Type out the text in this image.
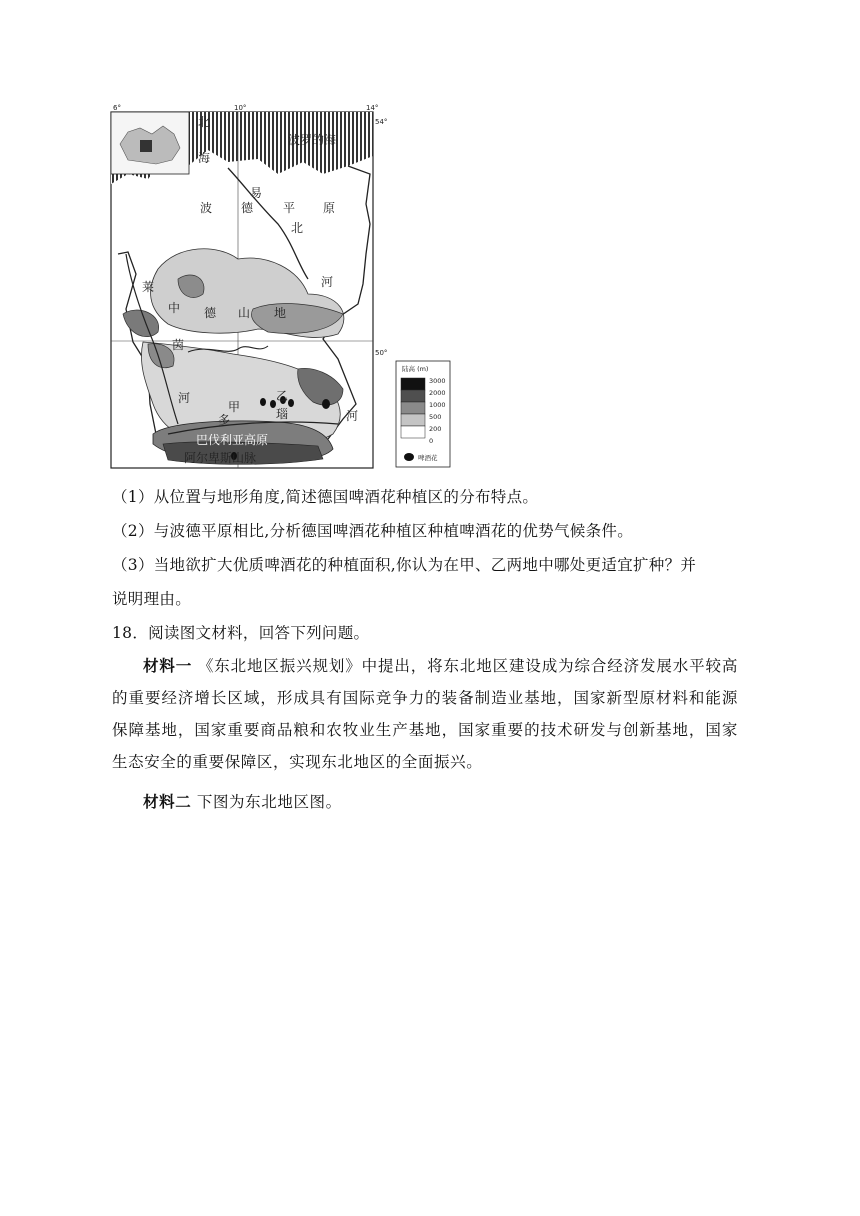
北
海
波罗的海
波 德 平 原
易
北
河
莱
茵
河
中 德 山 地
甲
乙
多	瑙	河
巴伐利亚高原
阿尔卑斯山脉
6°	10°	14°
54°
50°
陆高 (m)
3000
2000
1000
500
200
0
啤酒花
（1）从位置与地形角度,简述德国啤酒花种植区的分布特点。
（2）与波德平原相比,分析德国啤酒花种植区种植啤酒花的优势气候条件。
（3）当地欲扩大优质啤酒花的种植面积,你认为在甲、乙两地中哪处更适宜扩种？并
说明理由。
18．阅读图文材料，回答下列问题。
材料一 《东北地区振兴规划》中提出，将东北地区建设成为综合经济发展水平较高的重要经济增长区域，形成具有国际竞争力的装备制造业基地，国家新型原材料和能源保障基地，国家重要商品粮和农牧业生产基地，国家重要的技术研发与创新基地，国家生态安全的重要保障区，实现东北地区的全面振兴。
材料二 下图为东北地区图。
